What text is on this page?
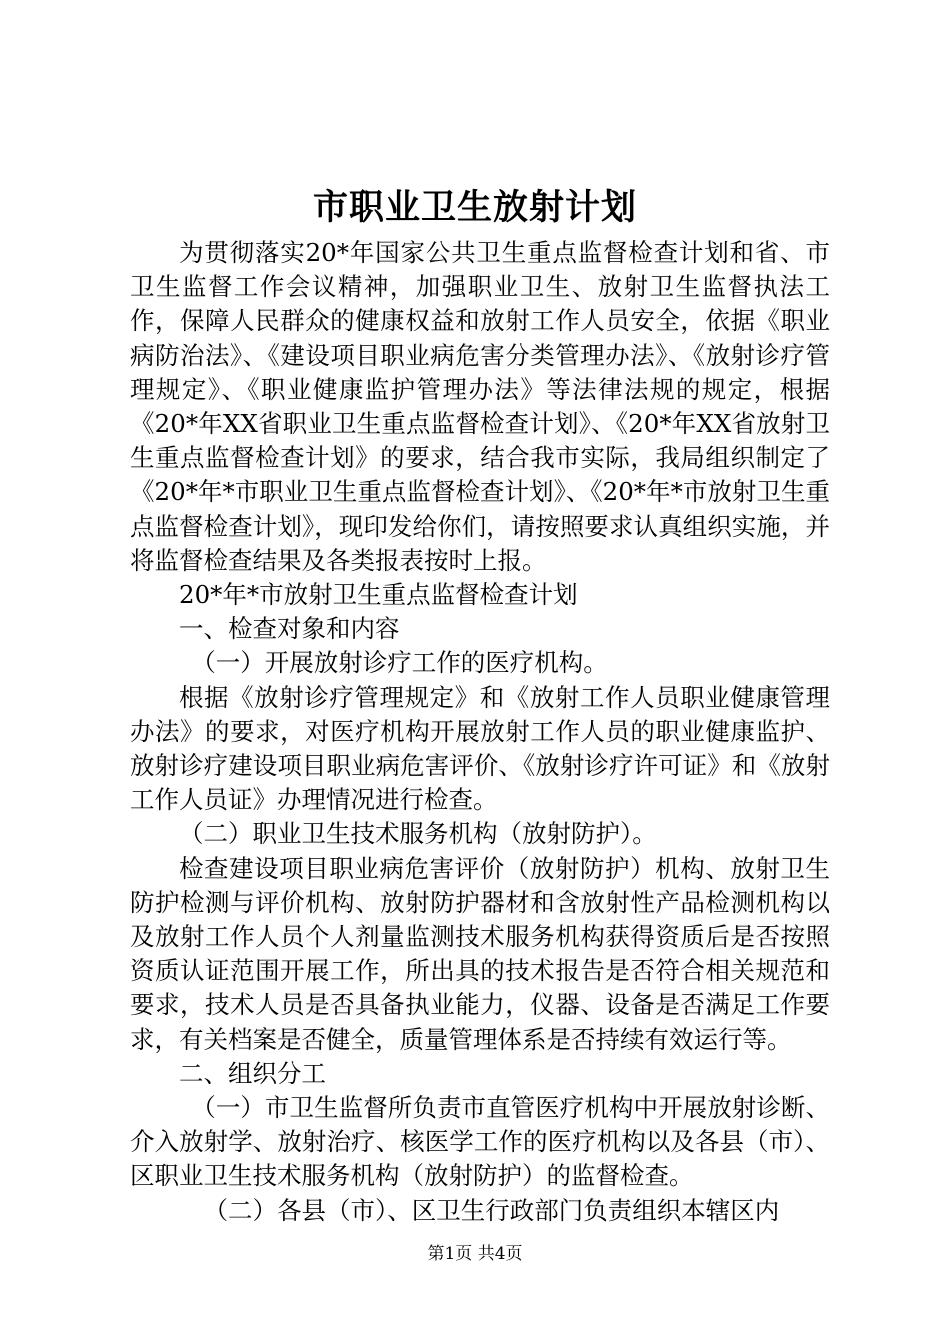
市职业卫生放射计划

为贯彻落实20*年国家公共卫生重点监督检查计划和省、市卫生监督工作会议精神，加强职业卫生、放射卫生监督执法工作，保障人民群众的健康权益和放射工作人员安全，依据《职业病防治法》、《建设项目职业病危害分类管理办法》、《放射诊疗管理规定》、《职业健康监护管理办法》等法律法规的规定，根据《20*年XX省职业卫生重点监督检查计划》、《20*年XX省放射卫生重点监督检查计划》的要求，结合我市实际，我局组织制定了《20*年*市职业卫生重点监督检查计划》、《20*年*市放射卫生重点监督检查计划》，现印发给你们，请按照要求认真组织实施，并将监督检查结果及各类报表按时上报。

20*年*市放射卫生重点监督检查计划

一、检查对象和内容

（一）开展放射诊疗工作的医疗机构。

根据《放射诊疗管理规定》和《放射工作人员职业健康管理办法》的要求，对医疗机构开展放射工作人员的职业健康监护、放射诊疗建设项目职业病危害评价、《放射诊疗许可证》和《放射工作人员证》办理情况进行检查。

（二）职业卫生技术服务机构（放射防护）。

检查建设项目职业病危害评价（放射防护）机构、放射卫生防护检测与评价机构、放射防护器材和含放射性产品检测机构以及放射工作人员个人剂量监测技术服务机构获得资质后是否按照资质认证范围开展工作，所出具的技术报告是否符合相关规范和要求，技术人员是否具备执业能力，仪器、设备是否满足工作要求，有关档案是否健全，质量管理体系是否持续有效运行等。

二、组织分工

（一）市卫生监督所负责市直管医疗机构中开展放射诊断、介入放射学、放射治疗、核医学工作的医疗机构以及各县（市）、区职业卫生技术服务机构（放射防护）的监督检查。

（二）各县（市）、区卫生行政部门负责组织本辖区内

第1页 共4页
